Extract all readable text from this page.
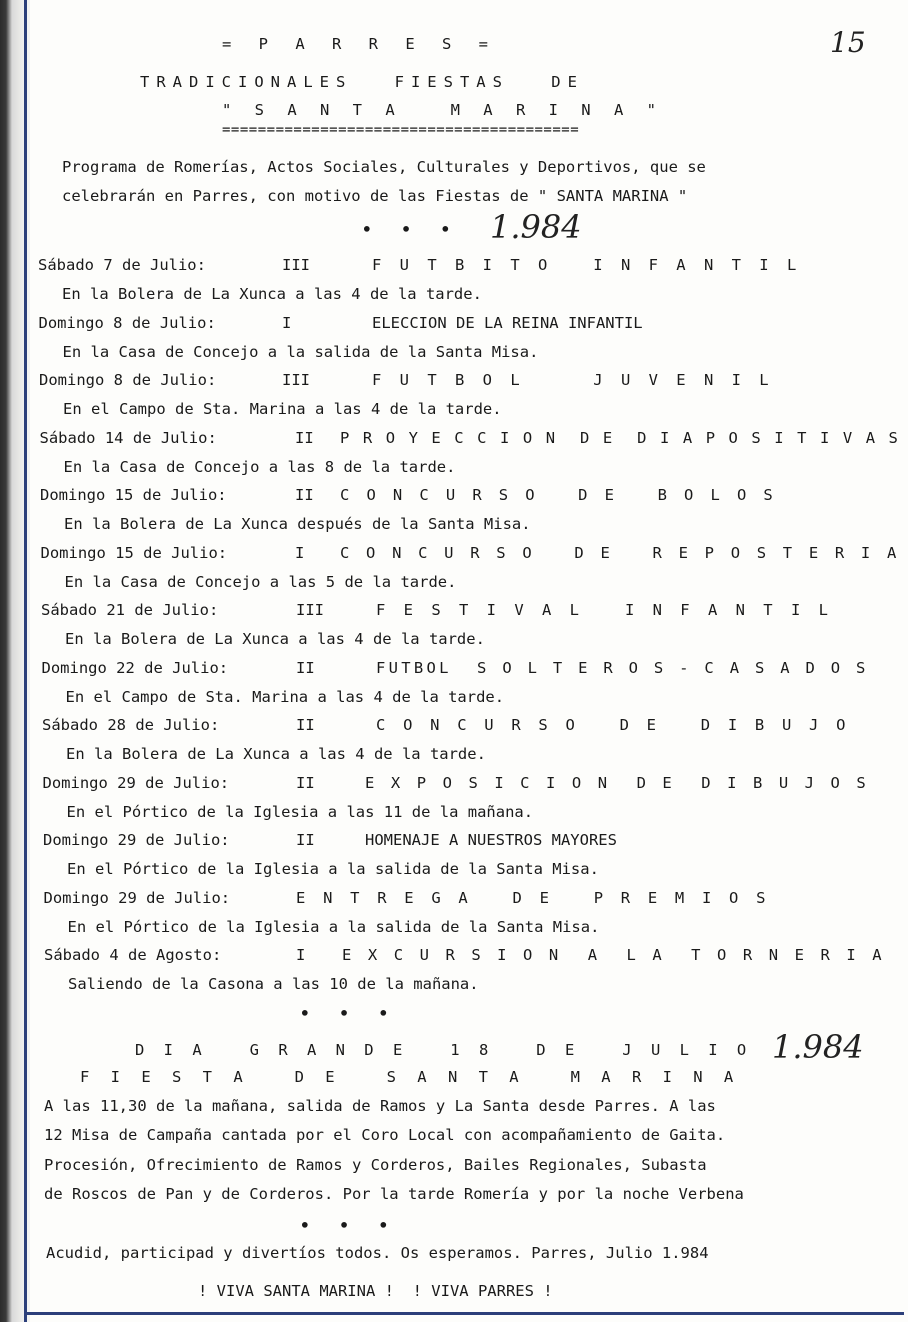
15
= P A R R E S =
TRADICIONALES FIESTAS DE
" S A N T A   M A R I N A "
========================================
Programa de Romerías, Actos Sociales, Culturales y Deportivos, que se
celebrarán en Parres, con motivo de las Fiestas de " SANTA MARINA "
• • • 1.984
Sábado 7 de Julio:	III	F U T B I T O   I N F A N T I L
En la Bolera de La Xunca a las 4 de la tarde.
Domingo 8 de Julio:	I	ELECCION DE LA REINA INFANTIL
En la Casa de Concejo a la salida de la Santa Misa.
Domingo 8 de Julio:	III	F U T B O L     J U V E N I L
En el Campo de Sta. Marina a las 4 de la tarde.
Sábado 14 de Julio:	II P R O Y E C C I O N  D E  D I A P O S I T I V A S
En la Casa de Concejo a las 8 de la tarde.
Domingo 15 de Julio:	II C O N C U R S O   D E   B O L O S
En la Bolera de La Xunca después de la Santa Misa.
Domingo 15 de Julio:	I C O N C U R S O   D E   R E P O S T E R I A
En la Casa de Concejo a las 5 de la tarde.
Sábado 21 de Julio:	III	F E S T I V A L   I N F A N T I L
En la Bolera de La Xunca a las 4 de la tarde.
Domingo 22 de Julio:	II	FUTBOL  S O L T E R O S - C A S A D O S
En el Campo de Sta. Marina a las 4 de la tarde.
Sábado 28 de Julio:	II	C O N C U R S O   D E   D I B U J O
En la Bolera de La Xunca a las 4 de la tarde.
Domingo 29 de Julio:	II	E X P O S I C I O N  D E  D I B U J O S
En el Pórtico de la Iglesia a las 11 de la mañana.
Domingo 29 de Julio:	II	HOMENAJE A NUESTROS MAYORES
En el Pórtico de la Iglesia a la salida de la Santa Misa.
Domingo 29 de Julio:	E N T R E G A   D E   P R E M I O S
En el Pórtico de la Iglesia a la salida de la Santa Misa.
Sábado 4 de Agosto:	I E X C U R S I O N  A  L A  T O R N E R I A
Saliendo de la Casona a las 10 de la mañana.
• • •
D I A   G R A N D E   1 8   D E   J U L I O 1.984
F I E S T A   D E   S A N T A   M A R I N A
A las 11,30 de la mañana, salida de Ramos y La Santa desde Parres. A las
12 Misa de Campaña cantada por el Coro Local con acompañamiento de Gaita.
Procesión, Ofrecimiento de Ramos y Corderos, Bailes Regionales, Subasta
de Roscos de Pan y de Corderos. Por la tarde Romería y por la noche Verbena
• • •
Acudid, participad y divertíos todos. Os esperamos. Parres, Julio 1.984
! VIVA SANTA MARINA !  ! VIVA PARRES !
